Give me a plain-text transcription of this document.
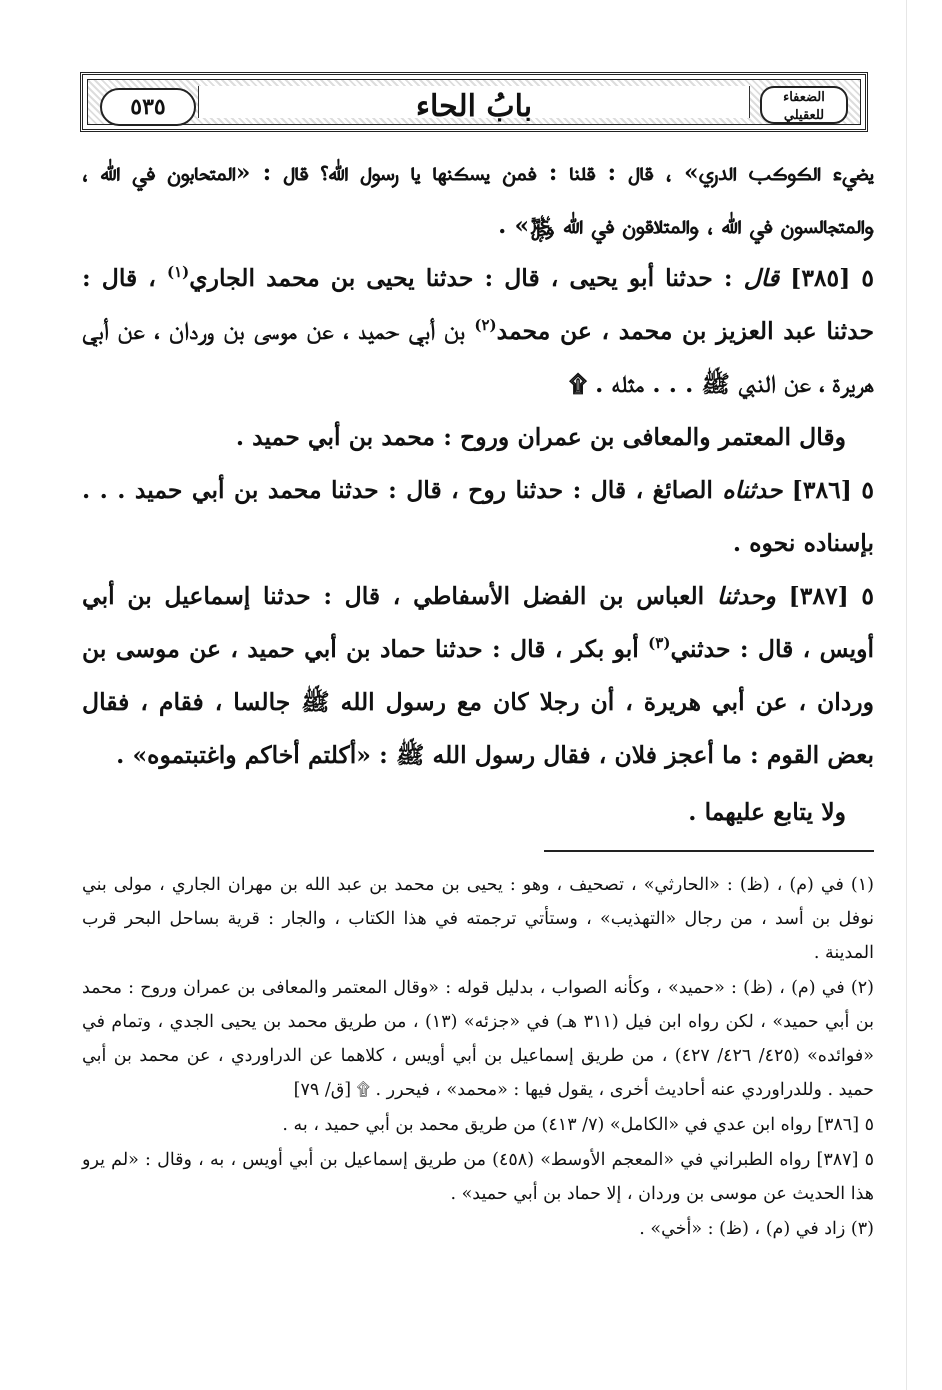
الضعفاء
للعقيلي
بابُ الحاء
٥٣٥

يضيء الكوكب الدري» ، قال : قلنا : فمن يسكنها يا رسول الله؟ قال : «المتحابون في الله ، والمتجالسون في الله ، والمتلاقون في الله ﷿» .

٥ [٣٨٥] قال : حدثنا أبو يحيى ، قال : حدثنا يحيى بن محمد الجاري$^{(١)}$ ، قال : حدثنا عبد العزيز بن محمد ، عن محمد$^{(٢)}$ بن أبي حميد ، عن موسى بن وردان ، عن أبي هريرة ، عن النبي ﷺ . . . مثله . ۩

وقال المعتمر والمعافى بن عمران وروح : محمد بن أبي حميد .

٥ [٣٨٦] حدثناه الصائغ ، قال : حدثنا روح ، قال : حدثنا محمد بن أبي حميد . . . بإسناده نحوه .

٥ [٣٨٧] وحدثنا العباس بن الفضل الأسفاطي ، قال : حدثنا إسماعيل بن أبي أويس ، قال : حدثني$^{(٣)}$ أبو بكر ، قال : حدثنا حماد بن أبي حميد ، عن موسى بن وردان ، عن أبي هريرة ، أن رجلا كان مع رسول الله ﷺ جالسا ، فقام ، فقال بعض القوم : ما أعجز فلان ، فقال رسول الله ﷺ : «أكلتم أخاكم واغتبتموه» .

ولا يتابع عليهما .

(١) في (م) ، (ظ) : «الحارثي» ، تصحيف ، وهو : يحيى بن محمد بن عبد الله بن مهران الجاري ، مولى بني نوفل بن أسد ، من رجال «التهذيب» ، وستأتي ترجمته في هذا الكتاب ، والجار : قرية بساحل البحر قرب المدينة .

(٢) في (م) ، (ظ) : «حميد» ، وكأنه الصواب ، بدليل قوله : «وقال المعتمر والمعافى بن عمران وروح : محمد بن أبي حميد» ، لكن رواه ابن فيل (٣١١ هـ) في «جزئه» (١٣) ، من طريق محمد بن يحيى الجدي ، وتمام في «فوائده» (٤٢٥/ ٤٢٦/ ٤٢٧) ، من طريق إسماعيل بن أبي أويس ، كلاهما عن الدراوردي ، عن محمد بن أبي حميد . وللدراوردي عنه أحاديث أخرى ، يقول فيها : «محمد» ، فيحرر . ۩ [ق/ ٧٩]

٥ [٣٨٦] رواه ابن عدي في «الكامل» (٧/ ٤١٣) من طريق محمد بن أبي حميد ، به .

٥ [٣٨٧] رواه الطبراني في «المعجم الأوسط» (٤٥٨) من طريق إسماعيل بن أبي أويس ، به ، وقال : «لم يرو هذا الحديث عن موسى بن وردان ، إلا حماد بن أبي حميد» .

(٣) زاد في (م) ، (ظ) : «أخي» .
